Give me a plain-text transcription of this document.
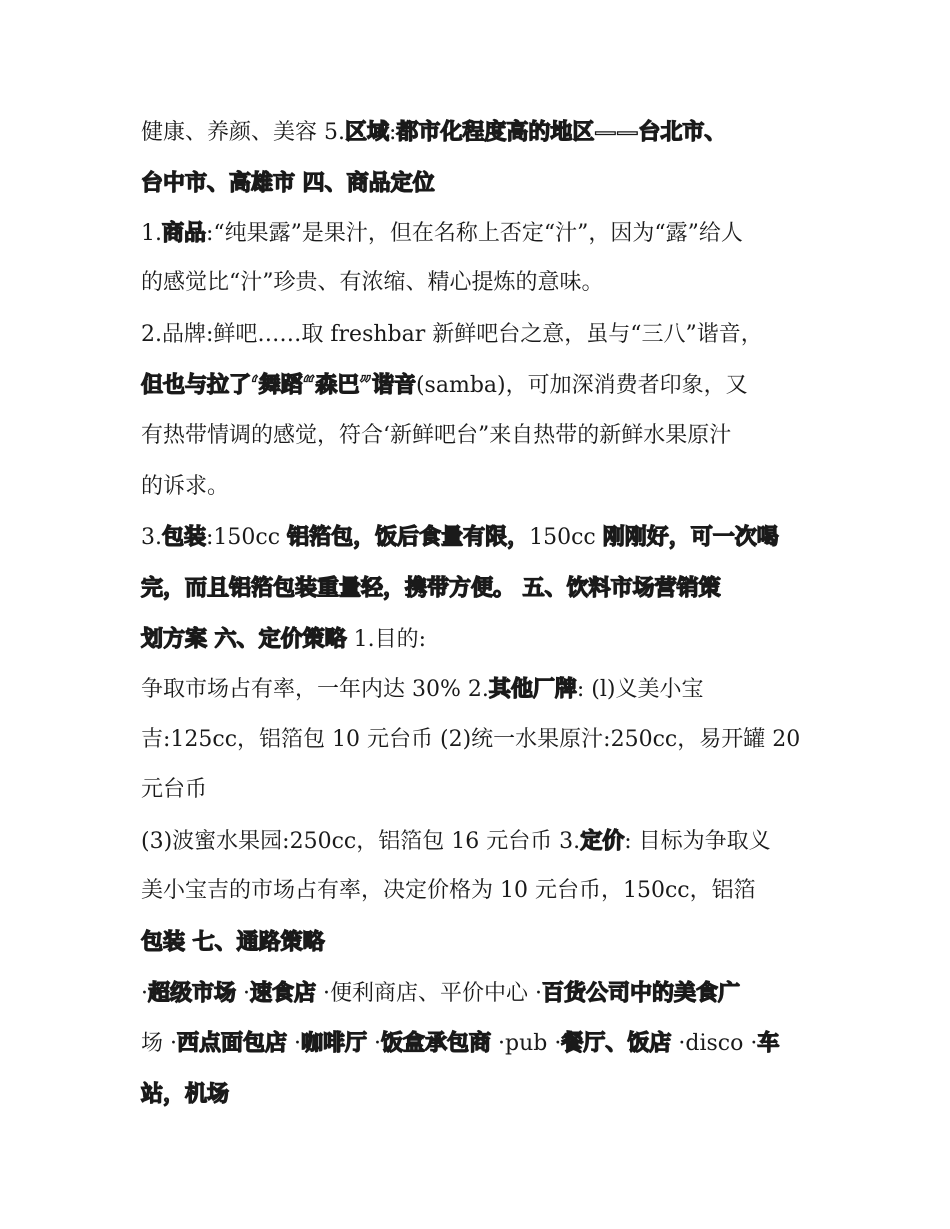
健康、养颜、美容 5.区域:都市化程度高的地区——台北市、
台中市、高雄市 四、商品定位
1.商品:“纯果露”是果汁，但在名称上否定“汁”，因为“露”给人
的感觉比“汁”珍贵、有浓缩、精心提炼的意味。
2.品牌:鲜吧……取 freshbar 新鲜吧台之意，虽与“三八”谐音，
但也与拉了‘舞蹈“森巴”谐音(samba)，可加深消费者印象，又
有热带情调的感觉，符合‘新鲜吧台”来自热带的新鲜水果原汁
的诉求。
3.包装:150cc 铝箔包，饭后食量有限，150cc 刚刚好，可一次喝
完，而且铝箔包装重量轻，携带方便。 五、饮料市场营销策
划方案 六、定价策略 1.目的:
争取市场占有率，一年内达 30% 2.其他厂牌: (l)义美小宝
吉:125cc，铝箔包 10 元台币 (2)统一水果原汁:250cc，易开罐 20
元台币
(3)波蜜水果园:250cc，铝箔包 16 元台币 3.定价: 目标为争取义
美小宝吉的市场占有率，决定价格为 10 元台币，150cc，铝箔
包装 七、通路策略
·超级市场 ·速食店 ·便利商店、平价中心 ·百货公司中的美食广
场 ·西点面包店 ·咖啡厅 ·饭盒承包商 ·pub ·餐厅、饭店 ·disco ·车
站，机场
